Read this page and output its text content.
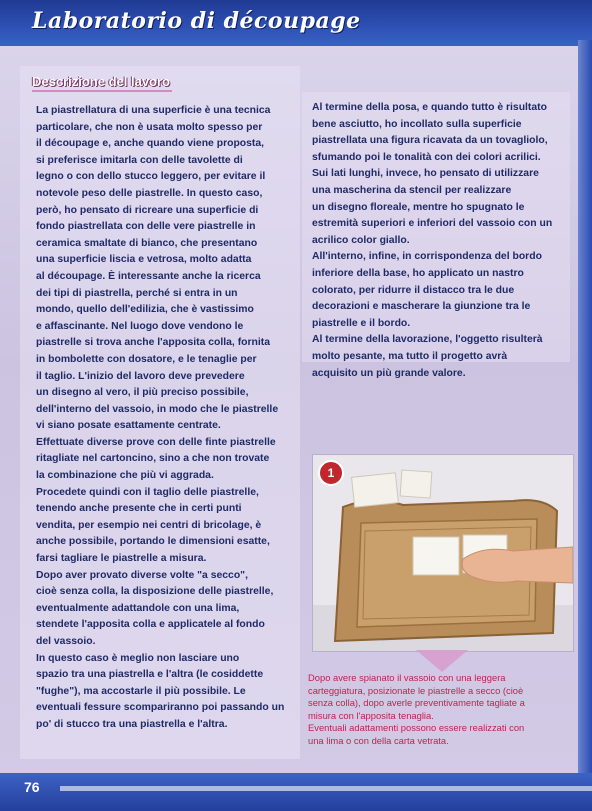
Laboratorio di découpage
Descrizione del lavoro

La piastrellatura di una superficie è una tecnica
particolare, che non è usata molto spesso per
il découpage e, anche quando viene proposta,
si preferisce imitarla con delle tavolette di
legno o con dello stucco leggero, per evitare il
notevole peso delle piastrelle. In questo caso,
però, ho pensato di ricreare una superficie di
fondo piastrellata con delle vere piastrelle in
ceramica smaltate di bianco, che presentano
una superficie liscia e vetrosa, molto adatta
al découpage. È interessante anche la ricerca
dei tipi di piastrella, perché si entra in un
mondo, quello dell'edilizia, che è vastissimo
e affascinante. Nel luogo dove vendono le
piastrelle si trova anche l'apposita colla, fornita
in bombolette con dosatore, e le tenaglie per
il taglio. L'inizio del lavoro deve prevedere
un disegno al vero, il più preciso possibile,
dell'interno del vassoio, in modo che le piastrelle
vi siano posate esattamente centrate.
Effettuate diverse prove con delle finte piastrelle
ritagliate nel cartoncino, sino a che non trovate
la combinazione che più vi aggrada.
Procedete quindi con il taglio delle piastrelle,
tenendo anche presente che in certi punti
vendita, per esempio nei centri di bricolage, è
anche possibile, portando le dimensioni esatte,
farsi tagliare le piastrelle a misura.
Dopo aver provato diverse volte "a secco",
cioè senza colla, la disposizione delle piastrelle,
eventualmente adattandole con una lima,
stendete l'apposita colla e applicatele al fondo
del vassoio.
In questo caso è meglio non lasciare uno
spazio tra una piastrella e l'altra (le cosiddette
"fughe"), ma accostarle il più possibile. Le
eventuali fessure scompariranno poi passando un
po' di stucco tra una piastrella e l'altra.

Al termine della posa, e quando tutto è risultato
bene asciutto, ho incollato sulla superficie
piastrellata una figura ricavata da un tovagliolo,
sfumando poi le tonalità con dei colori acrilici.
Sui lati lunghi, invece, ho pensato di utilizzare
una mascherina da stencil per realizzare
un disegno floreale, mentre ho spugnato le
estremità superiori e inferiori del vassoio con un
acrilico color giallo.
All'interno, infine, in corrispondenza del bordo
inferiore della base, ho applicato un nastro
colorato, per ridurre il distacco tra le due
decorazioni e mascherare la giunzione tra le
piastrelle e il bordo.
Al termine della lavorazione, l'oggetto risulterà
molto pesante, ma tutto il progetto avrà
acquisito un più grande valore.

1

Dopo avere spianato il vassoio con una leggera
carteggiatura, posizionate le piastrelle a secco (cioè
senza colla), dopo averle preventivamente tagliate a
misura con l'apposita tenaglia.
Eventuali adattamenti possono essere realizzati con
una lima o con della carta vetrata.

76
